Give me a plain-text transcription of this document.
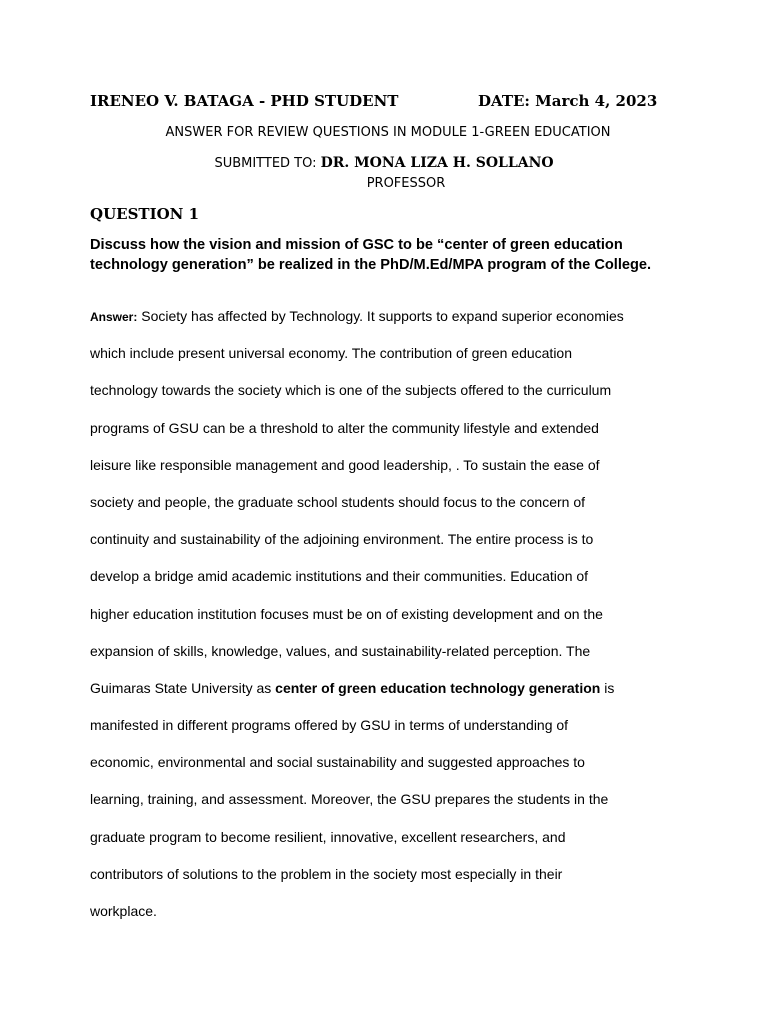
IRENEO V. BATAGA - PHD STUDENT	DATE: March 4, 2023
ANSWER FOR REVIEW QUESTIONS IN MODULE 1-GREEN EDUCATION
SUBMITTED TO: DR. MONA LIZA H. SOLLANO
PROFESSOR
QUESTION 1
Discuss how the vision and mission of GSC to be “center of green education technology generation” be realized in the PhD/M.Ed/MPA program of the College.
Answer: Society has affected by Technology. It supports to expand superior economies
which include present universal economy. The contribution of green education
technology towards the society which is one of the subjects offered to the curriculum
programs of GSU can be a threshold to alter the community lifestyle and extended
leisure like responsible management and good leadership, . To sustain the ease of
society and people, the graduate school students should focus to the concern of
continuity and sustainability of the adjoining environment. The entire process is to
develop a bridge amid academic institutions and their communities. Education of
higher education institution focuses must be on of existing development and on the
expansion of skills, knowledge, values, and sustainability-related perception. The
Guimaras State University as center of green education technology generation is
manifested in different programs offered by GSU in terms of understanding of
economic, environmental and social sustainability and suggested approaches to
learning, training, and assessment. Moreover, the GSU prepares the students in the
graduate program to become resilient, innovative, excellent researchers, and
contributors of solutions to the problem in the society most especially in their
workplace.
